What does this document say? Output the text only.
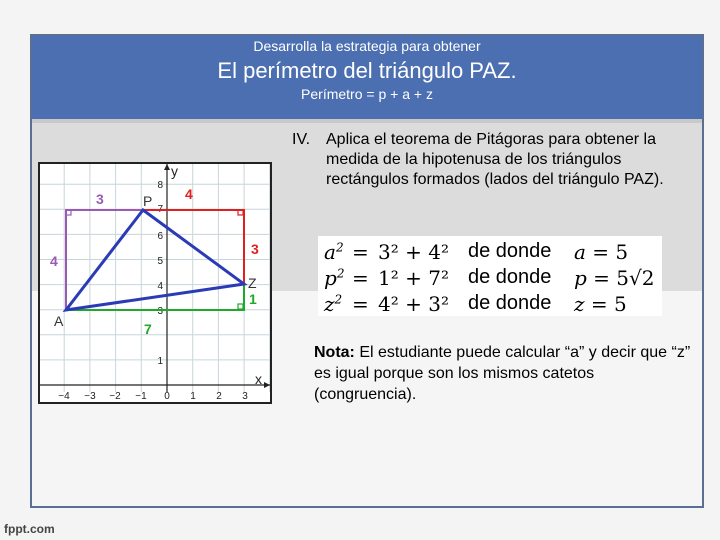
Desarrolla la estrategia para obtener
El perímetro del triángulo PAZ.
Perímetro = p + a + z
y
x
−4 −3 −2 −1 0 1 2 3
1
3
4
5
6
7
8
P
A
Z
3	4
4
3
7
1
IV. Aplica el teorema de Pitágoras para obtener la medida de la hipotenusa de los triángulos rectángulos formados (lados del triángulo PAZ).
$a^2 = 3^2 + 4^2$ de donde a = 5
$p^2 = 1^2 + 7^2$ de donde p = 5√2
$z^2 = 4^2 + 3^2$ de donde z = 5
Nota: El estudiante puede calcular “a” y decir que “z” es igual porque son los mismos catetos (congruencia).
fppt.com
